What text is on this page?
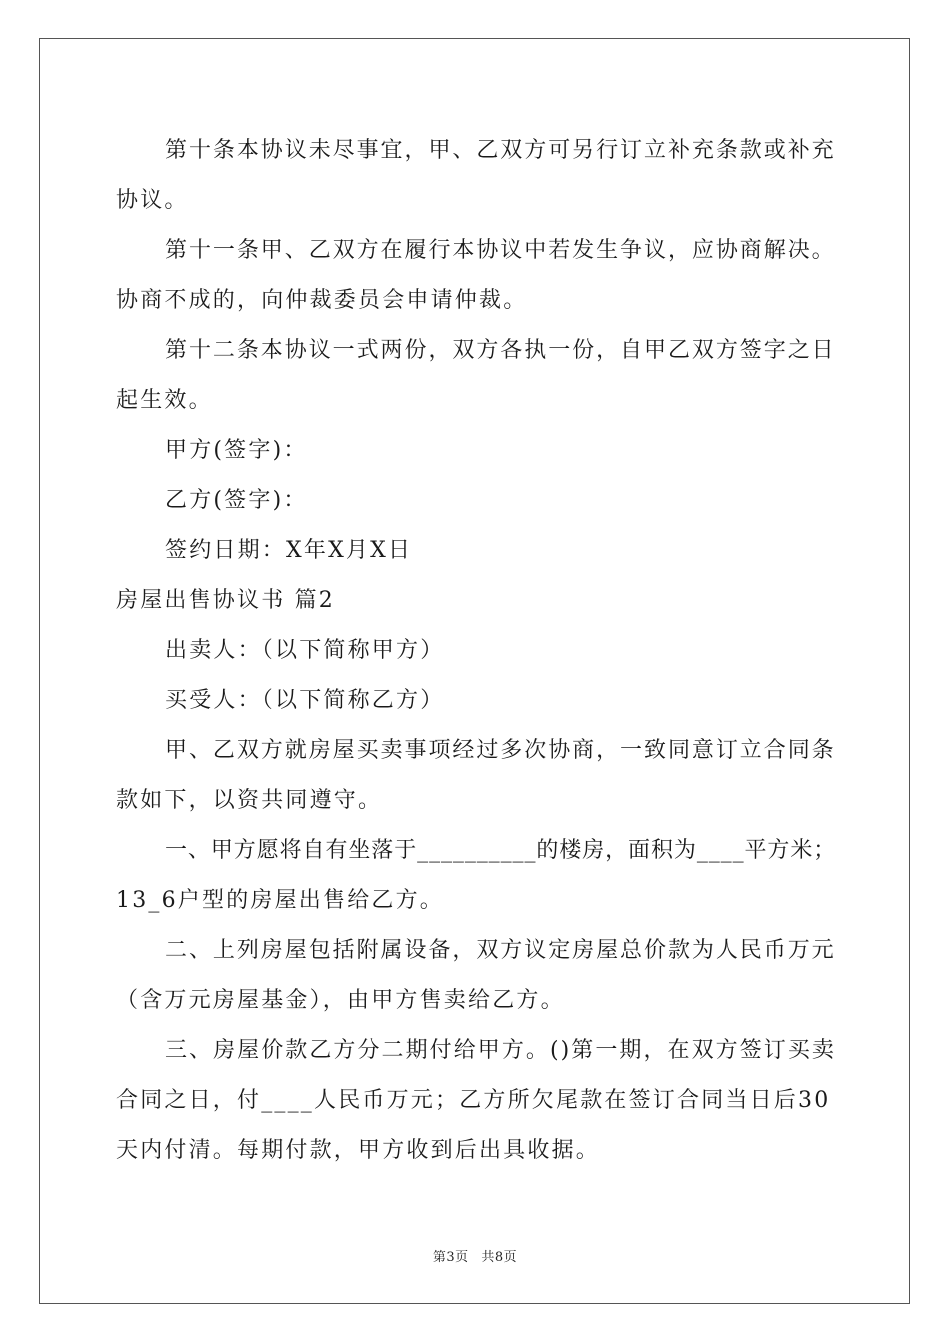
第十条本协议未尽事宜，甲、乙双方可另行订立补充条款或补充
协议。
第十一条甲、乙双方在履行本协议中若发生争议，应协商解决。
协商不成的，向仲裁委员会申请仲裁。
第十二条本协议一式两份，双方各执一份，自甲乙双方签字之日
起生效。
甲方(签字)：
乙方(签字)：
签约日期：X年X月X日
房屋出售协议书 篇2
出卖人：（以下简称甲方）
买受人：（以下简称乙方）
甲、乙双方就房屋买卖事项经过多次协商，一致同意订立合同条
款如下，以资共同遵守。
一、甲方愿将自有坐落于__________的楼房，面积为____平方米；
13_6户型的房屋出售给乙方。
二、上列房屋包括附属设备，双方议定房屋总价款为人民币万元
（含万元房屋基金），由甲方售卖给乙方。
三、房屋价款乙方分二期付给甲方。()第一期，在双方签订买卖
合同之日，付____人民币万元；乙方所欠尾款在签订合同当日后30
天内付清。每期付款，甲方收到后出具收据。
第3页 共8页
